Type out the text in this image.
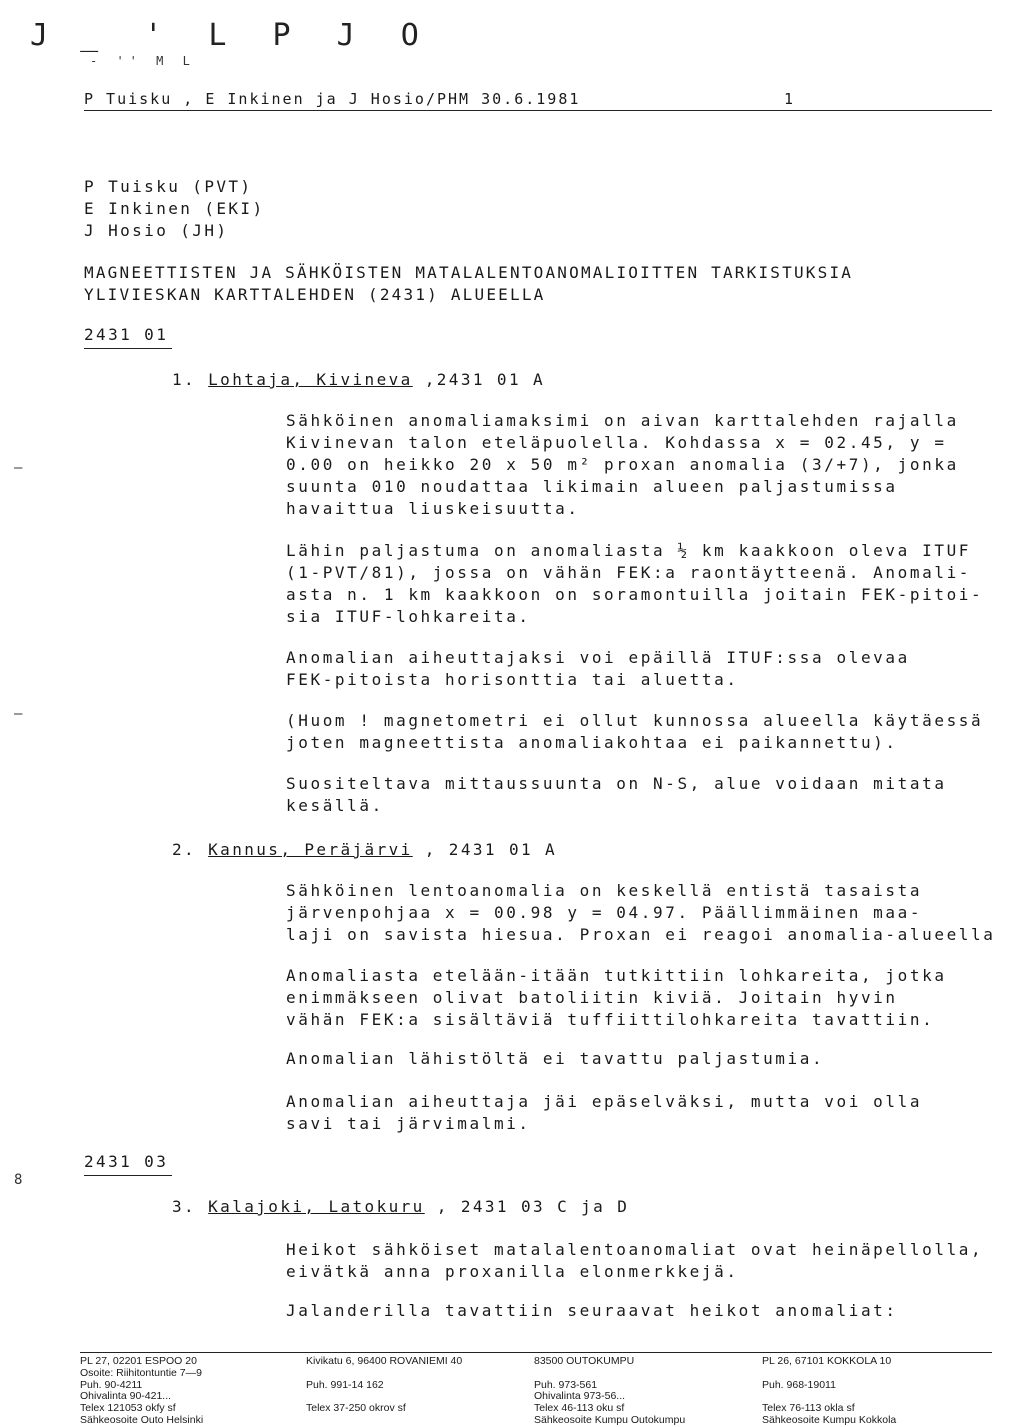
J ̲ ' L P J O
- '' M L
P Tuisku , E Inkinen ja J Hosio/PHM 30.6.1981	1
P Tuisku (PVT)
E Inkinen (EKI)
J Hosio (JH)
MAGNEETTISTEN JA SÄHKÖISTEN MATALALENTOANOMALIOITTEN TARKISTUKSIA
YLIVIESKAN KARTTALEHDEN (2431) ALUEELLA
2431 01
1. Lohtaja, Kivineva ,2431 01 A
Sähköinen anomaliamaksimi on aivan karttalehden rajalla
Kivinevan talon eteläpuolella. Kohdassa x = 02.45, y =
0.00 on heikko 20 x 50 m² proxan anomalia (3/+7), jonka
suunta 010 noudattaa likimain alueen paljastumissa
havaittua liuskeisuutta.
Lähin paljastuma on anomaliasta ½ km kaakkoon oleva ITUF
(1-PVT/81), jossa on vähän FEK:a raontäytteenä. Anomali-
asta n. 1 km kaakkoon on soramontuilla joitain FEK-pitoi-
sia ITUF-lohkareita.
Anomalian aiheuttajaksi voi epäillä ITUF:ssa olevaa
FEK-pitoista horisonttia tai aluetta.
(Huom ! magnetometri ei ollut kunnossa alueella käytäessä
joten magneettista anomaliakohtaa ei paikannettu).
Suositeltava mittaussuunta on N-S, alue voidaan mitata
kesällä.
2. Kannus, Peräjärvi , 2431 01 A
Sähköinen lentoanomalia on keskellä entistä tasaista
järvenpohjaa x = 00.98 y = 04.97. Päällimmäinen maa-
laji on savista hiesua. Proxan ei reagoi anomalia-alueella
Anomaliasta etelään-itään tutkittiin lohkareita, jotka
enimmäkseen olivat batoliitin kiviä. Joitain hyvin
vähän FEK:a sisältäviä tuffiittilohkareita tavattiin.
Anomalian lähistöltä ei tavattu paljastumia.
Anomalian aiheuttaja jäi epäselväksi, mutta voi olla
savi tai järvimalmi.
2431 03
3. Kalajoki, Latokuru , 2431 03 C ja D
Heikot sähköiset matalalentoanomaliat ovat heinäpellolla,
eivätkä anna proxanilla elonmerkkejä.
Jalanderilla tavattiin seuraavat heikot anomaliat:
—
—
8
PL 27, 02201 ESPOO 20
Osoite: Riihitontuntie 7—9
Puh. 90-4211
Ohivalinta 90-421...
Telex 121053 okfy sf
Sähkeosoite Outo Helsinki
Kivikatu 6, 96400 ROVANIEMI 40

Puh. 991-14 162

Telex 37-250 okrov sf
83500 OUTOKUMPU

Puh. 973-561
Ohivalinta 973-56...
Telex 46-113 oku sf
Sähkeosoite Kumpu Outokumpu
PL 26, 67101 KOKKOLA 10

Puh. 968-19011

Telex 76-113 okla sf
Sähkeosoite Kumpu Kokkola
